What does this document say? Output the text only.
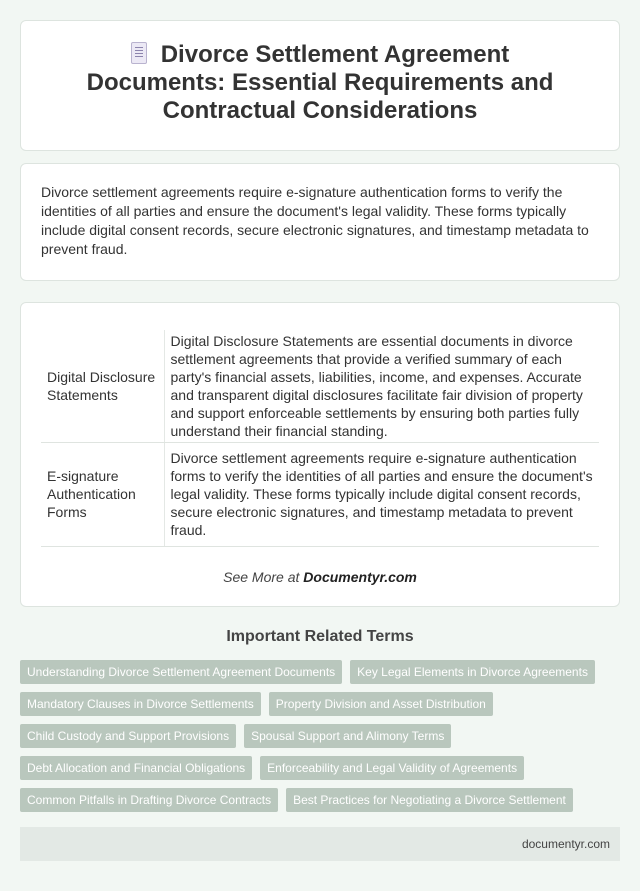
Divorce Settlement Agreement Documents: Essential Requirements and Contractual Considerations

Divorce settlement agreements require e-signature authentication forms to verify the identities of all parties and ensure the document's legal validity. These forms typically include digital consent records, secure electronic signatures, and timestamp metadata to prevent fraud.

Digital Disclosure Statements	Digital Disclosure Statements are essential documents in divorce settlement agreements that provide a verified summary of each party's financial assets, liabilities, income, and expenses. Accurate and transparent digital disclosures facilitate fair division of property and support enforceable settlements by ensuring both parties fully understand their financial standing.
E-signature Authentication Forms	Divorce settlement agreements require e-signature authentication forms to verify the identities of all parties and ensure the document's legal validity. These forms typically include digital consent records, secure electronic signatures, and timestamp metadata to prevent fraud.
See More at Documentyr.com
Important Related Terms
Understanding Divorce Settlement Agreement Documents	Key Legal Elements in Divorce Agreements
Mandatory Clauses in Divorce Settlements	Property Division and Asset Distribution
Child Custody and Support Provisions	Spousal Support and Alimony Terms
Debt Allocation and Financial Obligations	Enforceability and Legal Validity of Agreements
Common Pitfalls in Drafting Divorce Contracts	Best Practices for Negotiating a Divorce Settlement
documentyr.com
